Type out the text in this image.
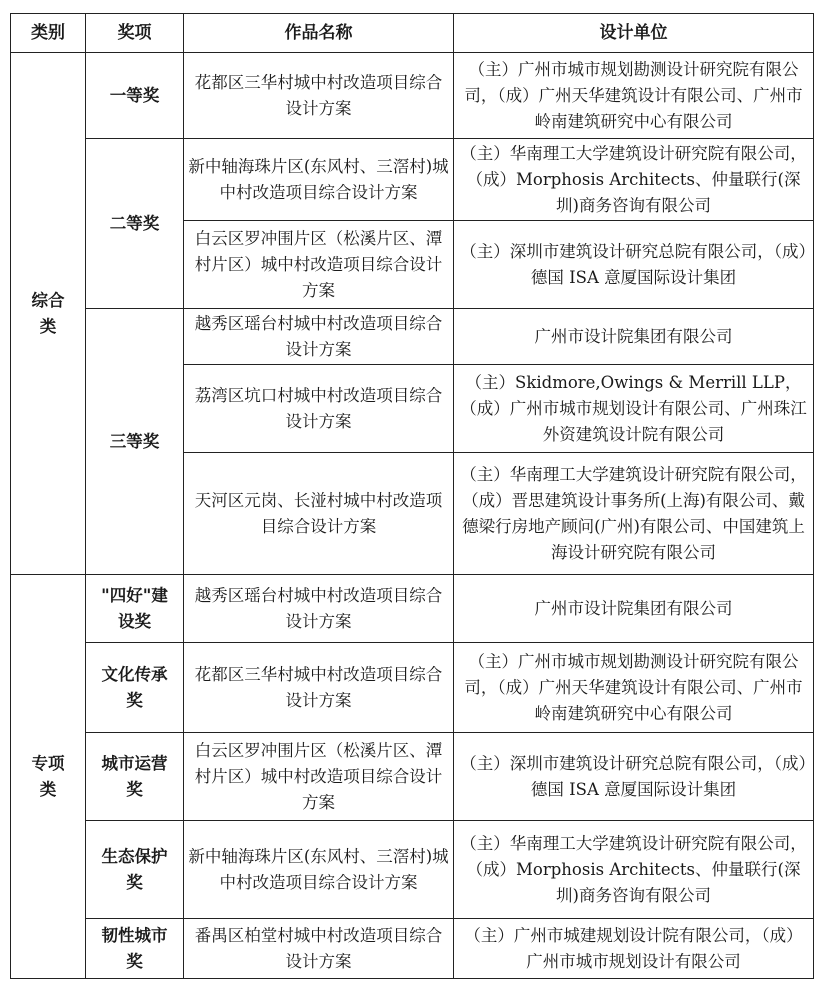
类别	奖项	作品名称	设计单位
综合类	一等奖	花都区三华村城中村改造项目综合设计方案	（主）广州市城市规划勘测设计研究院有限公司，（成）广州天华建筑设计有限公司、广州市岭南建筑研究中心有限公司
	二等奖	新中轴海珠片区(东风村、三滘村)城中村改造项目综合设计方案	（主）华南理工大学建筑设计研究院有限公司，（成）Morphosis Architects、仲量联行(深圳)商务咨询有限公司
		白云区罗冲围片区（松溪片区、潭村片区）城中村改造项目综合设计方案	（主）深圳市建筑设计研究总院有限公司，（成）德国 ISA 意厦国际设计集团
	三等奖	越秀区瑶台村城中村改造项目综合设计方案	广州市设计院集团有限公司
		荔湾区坑口村城中村改造项目综合设计方案	（主）Skidmore,Owings & Merrill LLP，（成）广州市城市规划设计有限公司、广州珠江外资建筑设计院有限公司
		天河区元岗、长湴村城中村改造项目综合设计方案	（主）华南理工大学建筑设计研究院有限公司，（成）晋思建筑设计事务所(上海)有限公司、戴德梁行房地产顾问(广州)有限公司、中国建筑上海设计研究院有限公司
专项类	"四好"建设奖	越秀区瑶台村城中村改造项目综合设计方案	广州市设计院集团有限公司
	文化传承奖	花都区三华村城中村改造项目综合设计方案	（主）广州市城市规划勘测设计研究院有限公司，（成）广州天华建筑设计有限公司、广州市岭南建筑研究中心有限公司
	城市运营奖	白云区罗冲围片区（松溪片区、潭村片区）城中村改造项目综合设计方案	（主）深圳市建筑设计研究总院有限公司，（成）德国 ISA 意厦国际设计集团
	生态保护奖	新中轴海珠片区(东风村、三滘村)城中村改造项目综合设计方案	（主）华南理工大学建筑设计研究院有限公司，（成）Morphosis Architects、仲量联行(深圳)商务咨询有限公司
	韧性城市奖	番禺区柏堂村城中村改造项目综合设计方案	（主）广州市城建规划设计院有限公司，（成）广州市城市规划设计有限公司
